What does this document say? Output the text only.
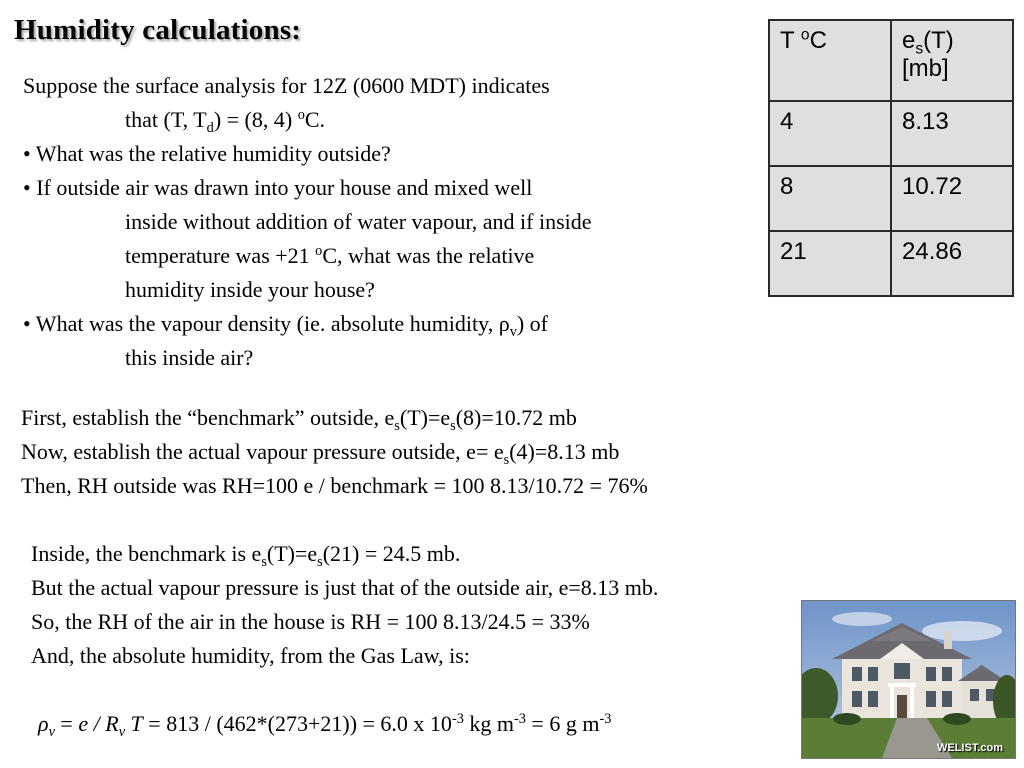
Humidity calculations:
Suppose the surface analysis for 12Z (0600 MDT) indicates
that (T, $T_d) = (8$, 4) $^o$C.
• What was the relative humidity outside?
• If outside air was drawn into your house and mixed well
inside without addition of water vapour, and if inside
temperature was +21 $^o$C, what was the relative
humidity inside your house?
• What was the vapour density (ie. absolute humidity, $\rho_v$) of
this inside air?
First, establish the “benchmark” outside, $e_s(T)=e_s(8)=10.72$ mb
Now, establish the actual vapour pressure outside, $e= e_s(4)=8.13$ mb
Then, RH outside was RH=100 e / benchmark = 100 8.13/10.72 = 76%
Inside, the benchmark is $e_s(T)=e_s(21) = 24.5$ mb.
But the actual vapour pressure is just that of the outside air, e=8.13 mb.
So, the RH of the air in the house is RH = 100 8.13/24.5 = 33%
And, the absolute humidity, from the Gas Law, is:
$\rho_v = e / R_v$ T = 813 / (462*(273+21)) = 6.0 x $10^{-3}$ kg $m^{-3} = 6$ g $m^{-3}$
T $^o$C	$e_s(T)$
[mb]
4	8.13
8	10.72
21	24.86
WELIST.com
